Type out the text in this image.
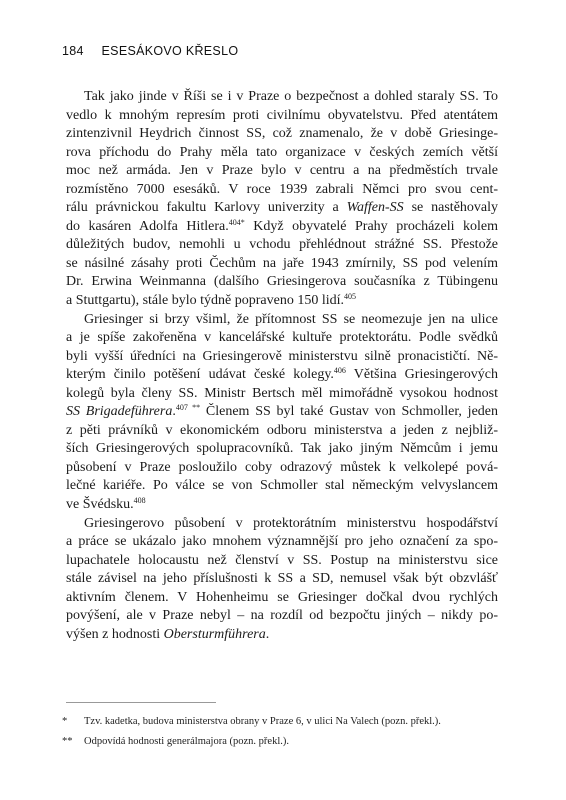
184 ESESÁKOVO KŘESLO

Tak jako jinde v Říši se i v Praze o bezpečnost a dohled staraly SS. To
vedlo k mnohým represím proti civilnímu obyvatelstvu. Před atentátem
zintenzivnil Heydrich činnost SS, což znamenalo, že v době Griesinge-
rova příchodu do Prahy měla tato organizace v českých zemích větší
moc než armáda. Jen v Praze bylo v centru a na předměstích trvale
rozmístěno 7000 esesáků. V roce 1939 zabrali Němci pro svou cent-
rálu právnickou fakultu Karlovy univerzity a Waffen-SS se nastěhovaly
do kasáren Adolfa Hitlera.$^{404*}$ Když obyvatelé Prahy procházeli kolem
důležitých budov, nemohli u vchodu přehlédnout strážné SS. Přestože
se násilné zásahy proti Čechům na jaře 1943 zmírnily, SS pod velením
Dr. Erwina Weinmanna (dalšího Griesingerova současníka z Tübingenu
a Stuttgartu), stále bylo týdně popraveno 150 lidí.$^{405}$

Griesinger si brzy všiml, že přítomnost SS se neomezuje jen na ulice
a je spíše zakořeněna v kancelářské kultuře protektorátu. Podle svědků
byli vyšší úředníci na Griesingerově ministerstvu silně pronacističtí. Ně-
kterým činilo potěšení udávat české kolegy.$^{406}$ Většina Griesingerových
kolegů byla členy SS. Ministr Bertsch měl mimořádně vysokou hodnost
SS Brigadeführera.$^{407 **}$ Členem SS byl také Gustav von Schmoller, jeden
z pěti právníků v ekonomickém odboru ministerstva a jeden z nejbliž-
ších Griesingerových spolupracovníků. Tak jako jiným Němcům i jemu
působení v Praze posloužilo coby odrazový můstek k velkolepé pová-
lečné kariéře. Po válce se von Schmoller stal německým velvyslancem
ve Švédsku.$^{408}$

Griesingerovo působení v protektorátním ministerstvu hospodářství
a práce se ukázalo jako mnohem významnější pro jeho označení za spo-
lupachatele holocaustu než členství v SS. Postup na ministerstvu sice
stále závisel na jeho příslušnosti k SS a SD, nemusel však být obzvlášť
aktivním členem. V Hohenheimu se Griesinger dočkal dvou rychlých
povýšení, ale v Praze nebyl – na rozdíl od bezpočtu jiných – nikdy po-
výšen z hodnosti Obersturmführera.

* Tzv. kadetka, budova ministerstva obrany v Praze 6, v ulici Na Valech (pozn. překl.).
** Odpovídá hodnosti generálmajora (pozn. překl.).
